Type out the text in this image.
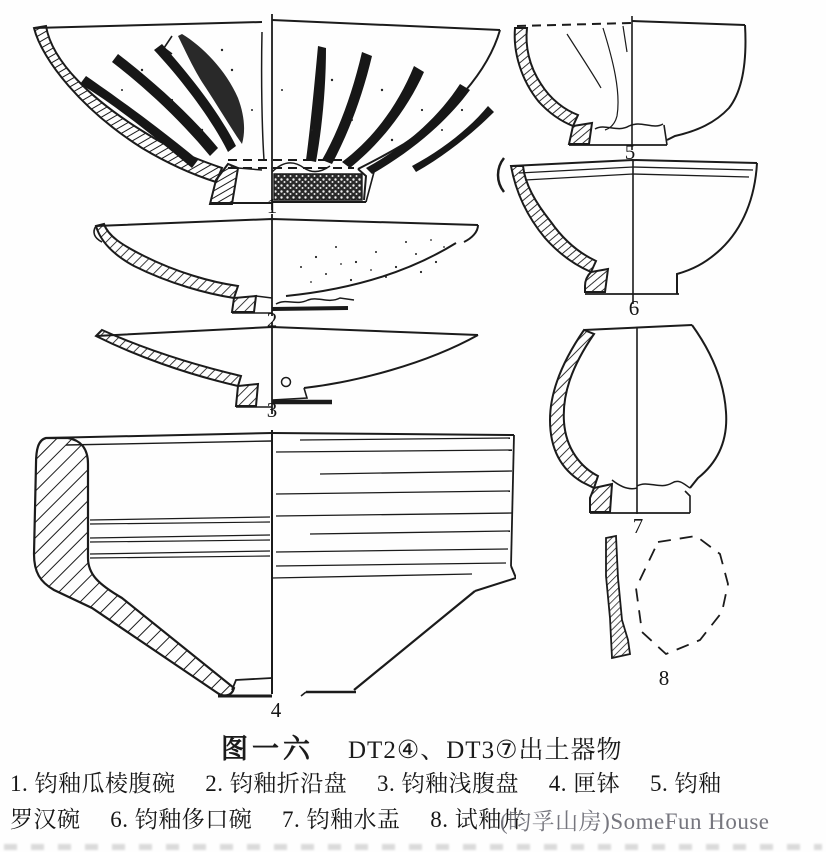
1
2
3
4
5
6
7
8
图一六 DT2④、DT3⑦出土器物
1. 钧釉瓜棱腹碗　 2. 钧釉折沿盘　 3. 钧釉浅腹盘　 4. 匣钵　 5. 钧釉
罗汉碗　 6. 钧釉侈口碗　 7. 钧釉水盂　 8. 试釉片
(昀孚山房)SomeFun House
